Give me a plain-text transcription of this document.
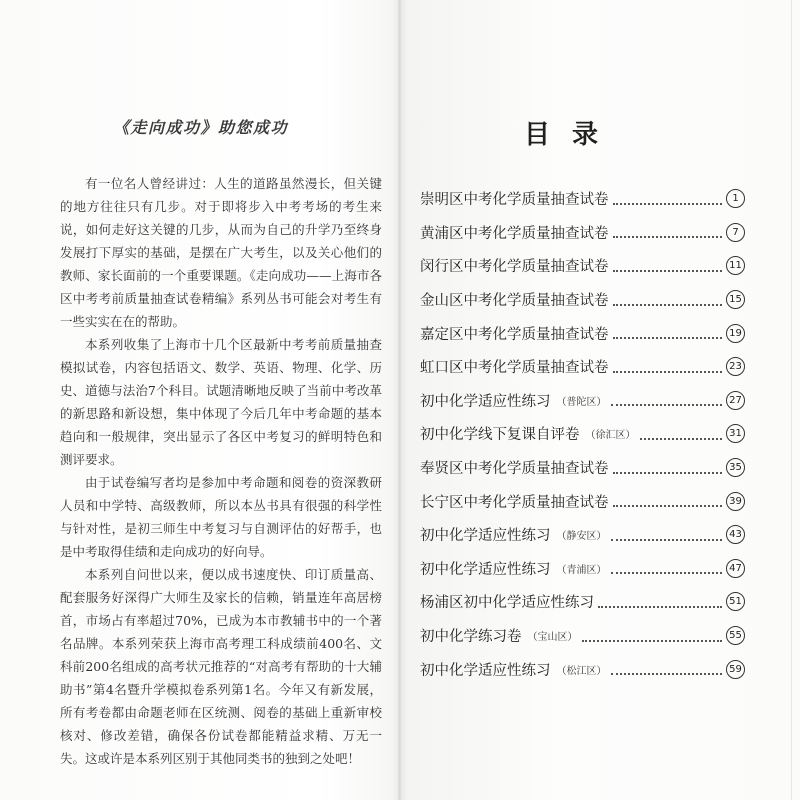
《走向成功》助您成功

有一位名人曾经讲过：人生的道路虽然漫长，但关键的地方往往只有几步。对于即将步入中考考场的考生来说，如何走好这关键的几步，从而为自己的升学乃至终身发展打下厚实的基础，是摆在广大考生，以及关心他们的教师、家长面前的一个重要课题。《走向成功——上海市各区中考考前质量抽查试卷精编》系列丛书可能会对考生有一些实实在在的帮助。

本系列收集了上海市十几个区最新中考考前质量抽查模拟试卷，内容包括语文、数学、英语、物理、化学、历史、道德与法治7个科目。试题清晰地反映了当前中考改革的新思路和新设想，集中体现了今后几年中考命题的基本趋向和一般规律，突出显示了各区中考复习的鲜明特色和测评要求。

由于试卷编写者均是参加中考命题和阅卷的资深教研人员和中学特、高级教师，所以本丛书具有很强的科学性与针对性，是初三师生中考复习与自测评估的好帮手，也是中考取得佳绩和走向成功的好向导。

本系列自问世以来，便以成书速度快、印订质量高、配套服务好深得广大师生及家长的信赖，销量连年高居榜首，市场占有率超过70%，已成为本市教辅书中的一个著名品牌。本系列荣获上海市高考理工科成绩前400名、文科前200名组成的高考状元推荐的“对高考有帮助的十大辅助书”第4名暨升学模拟卷系列第1名。今年又有新发展，所有考卷都由命题老师在区统测、阅卷的基础上重新审校核对、修改差错，确保各份试卷都能精益求精、万无一失。这或许是本系列区别于其他同类书的独到之处吧！

目录
崇明区中考化学质量抽查试卷	1
黄浦区中考化学质量抽查试卷	7
闵行区中考化学质量抽查试卷	11
金山区中考化学质量抽查试卷	15
嘉定区中考化学质量抽查试卷	19
虹口区中考化学质量抽查试卷	23
初中化学适应性练习 （普陀区）	27
初中化学线下复课自评卷 （徐汇区）	31
奉贤区中考化学质量抽查试卷	35
长宁区中考化学质量抽查试卷	39
初中化学适应性练习 （静安区）	43
初中化学适应性练习 （青浦区）	47
杨浦区初中化学适应性练习	51
初中化学练习卷 （宝山区）	55
初中化学适应性练习 （松江区）	59
